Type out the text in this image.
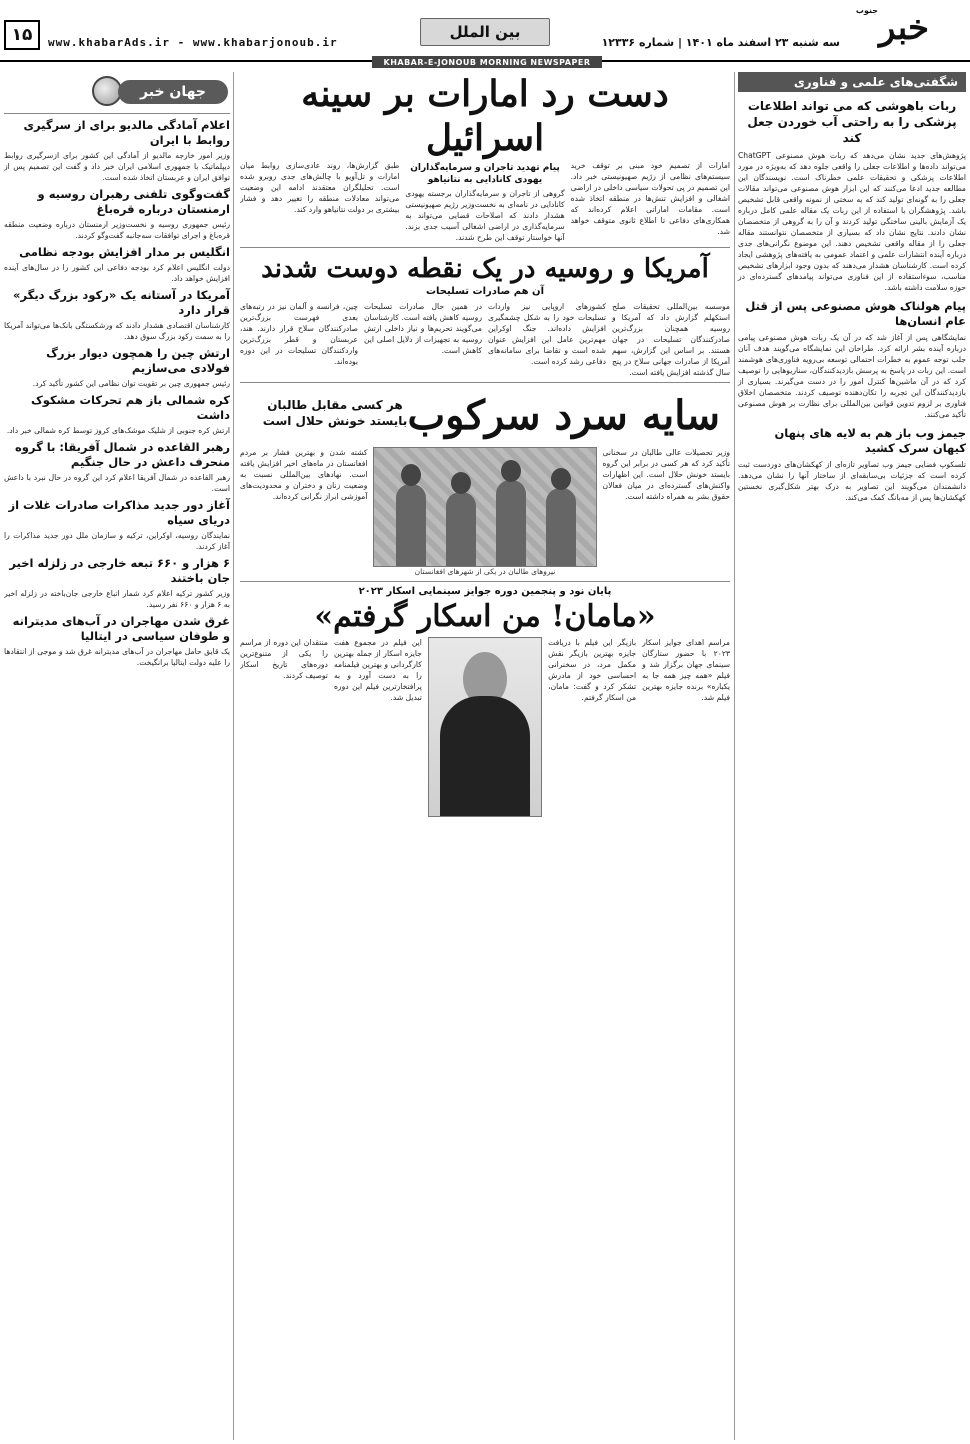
خبر
جنوب
سه شنبه ۲۳ اسفند ماه ۱۴۰۱ | شماره ۱۲۳۳۶
بین الملل
www.khabarAds.ir - www.khabarjonoub.ir
۱۵
KHABAR-E-JONOUB MORNING NEWSPAPER
شگفتی‌های علمی و فناوری
ربات باهوشی که می تواند اطلاعات پزشکی را به راحتی آب خوردن جعل کند

پژوهش‌های جدید نشان می‌دهد که ربات هوش مصنوعی ChatGPT می‌تواند داده‌ها و اطلاعات جعلی را واقعی جلوه دهد که به‌ویژه در مورد اطلاعات پزشکی و تحقیقات علمی خطرناک است. نویسندگان این مطالعه جدید ادعا می‌کنند که این ابزار هوش مصنوعی می‌تواند مقالات جعلی را به گونه‌ای تولید کند که به سختی از نمونه واقعی قابل تشخیص باشد. پژوهشگران با استفاده از این ربات یک مقاله علمی کامل درباره یک آزمایش بالینی ساختگی تولید کردند و آن را به گروهی از متخصصان نشان دادند. نتایج نشان داد که بسیاری از متخصصان نتوانستند مقاله جعلی را از مقاله واقعی تشخیص دهند. این موضوع نگرانی‌های جدی درباره آینده انتشارات علمی و اعتماد عمومی به یافته‌های پژوهشی ایجاد کرده است. کارشناسان هشدار می‌دهند که بدون وجود ابزارهای تشخیص مناسب، سوءاستفاده از این فناوری می‌تواند پیامدهای گسترده‌ای در حوزه سلامت داشته باشد.

پیام هولناک هوش مصنوعی پس از قتل عام انسان‌ها

نمایشگاهی پس از آغاز شد که در آن یک ربات هوش مصنوعی پیامی درباره آینده بشر ارائه کرد. طراحان این نمایشگاه می‌گویند هدف آنان جلب توجه عموم به خطرات احتمالی توسعه بی‌رویه فناوری‌های هوشمند است. این ربات در پاسخ به پرسش بازدیدکنندگان، سناریوهایی را توصیف کرد که در آن ماشین‌ها کنترل امور را در دست می‌گیرند. بسیاری از بازدیدکنندگان این تجربه را تکان‌دهنده توصیف کردند. متخصصان اخلاق فناوری بر لزوم تدوین قوانین بین‌المللی برای نظارت بر هوش مصنوعی تأکید می‌کنند.

جیمز وب باز هم به لایه های پنهان کیهان سرک کشید

تلسکوپ فضایی جیمز وب تصاویر تازه‌ای از کهکشان‌های دوردست ثبت کرده است که جزئیات بی‌سابقه‌ای از ساختار آنها را نشان می‌دهد. دانشمندان می‌گویند این تصاویر به درک بهتر شکل‌گیری نخستین کهکشان‌ها پس از مه‌بانگ کمک می‌کند.

دست رد امارات بر سینه اسرائیل

امارات از تصمیم خود مبنی بر توقف خرید سیستم‌های نظامی از رژیم صهیونیستی خبر داد. این تصمیم در پی تحولات سیاسی داخلی در اراضی اشغالی و افزایش تنش‌ها در منطقه اتخاذ شده است. مقامات اماراتی اعلام کرده‌اند که همکاری‌های دفاعی تا اطلاع ثانوی متوقف خواهد شد.

پیام تهدید تاجران و سرمایه‌گذاران یهودی کانادایی به نتانیاهو

گروهی از تاجران و سرمایه‌گذاران برجسته یهودی کانادایی در نامه‌ای به نخست‌وزیر رژیم صهیونیستی هشدار دادند که اصلاحات قضایی می‌تواند به سرمایه‌گذاری در اراضی اشغالی آسیب جدی بزند. آنها خواستار توقف این طرح شدند.

طبق گزارش‌ها، روند عادی‌سازی روابط میان امارات و تل‌آویو با چالش‌های جدی روبرو شده است. تحلیلگران معتقدند ادامه این وضعیت می‌تواند معادلات منطقه را تغییر دهد و فشار بیشتری بر دولت نتانیاهو وارد کند.

آمریکا و روسیه در یک نقطه دوست شدند
آن هم صادرات تسلیحات

موسسه بین‌المللی تحقیقات صلح استکهلم گزارش داد که آمریکا و روسیه همچنان بزرگ‌ترین صادرکنندگان تسلیحات در جهان هستند. بر اساس این گزارش، سهم آمریکا از صادرات جهانی سلاح در پنج سال گذشته افزایش یافته است.

کشورهای اروپایی نیز واردات تسلیحات خود را به شکل چشمگیری افزایش داده‌اند. جنگ اوکراین مهم‌ترین عامل این افزایش عنوان شده است و تقاضا برای سامانه‌های دفاعی رشد کرده است.

در همین حال صادرات تسلیحات روسیه کاهش یافته است. کارشناسان می‌گویند تحریم‌ها و نیاز داخلی ارتش روسیه به تجهیزات از دلایل اصلی این کاهش است.

چین، فرانسه و آلمان نیز در رتبه‌های بعدی فهرست بزرگ‌ترین صادرکنندگان سلاح قرار دارند. هند، عربستان و قطر بزرگ‌ترین واردکنندگان تسلیحات در این دوره بوده‌اند.

سایه سرد سرکوب
هر کسی مقابل طالبان بایستد خونش حلال است

وزیر تحصیلات عالی طالبان در سخنانی تأکید کرد که هر کسی در برابر این گروه بایستد خونش حلال است. این اظهارات واکنش‌های گسترده‌ای در میان فعالان حقوق بشر به همراه داشته است.

نیروهای طالبان در یکی از شهرهای افغانستان

کشته شدن و بهترین فشار بر مردم افغانستان در ماه‌های اخیر افزایش یافته است. نهادهای بین‌المللی نسبت به وضعیت زنان و دختران و محدودیت‌های آموزشی ابراز نگرانی کرده‌اند.

پایان نود و پنجمین دوره جوایز سینمایی اسکار ۲۰۲۳
«مامان! من اسکار گرفتم»

مراسم اهدای جوایز اسکار ۲۰۲۳ با حضور ستارگان سینمای جهان برگزار شد و فیلم «همه چیز همه جا به یکباره» برنده جایزه بهترین فیلم شد.

بازیگر این فیلم با دریافت جایزه بهترین بازیگر نقش مکمل مرد، در سخنرانی احساسی خود از مادرش تشکر کرد و گفت: مامان، من اسکار گرفتم.

این فیلم در مجموع هفت جایزه اسکار از جمله بهترین کارگردانی و بهترین فیلمنامه را به دست آورد و به پرافتخارترین فیلم این دوره تبدیل شد.

منتقدان این دوره از مراسم را یکی از متنوع‌ترین دوره‌های تاریخ اسکار توصیف کردند.

جهان خبر
اعلام آمادگی مالدیو برای از سرگیری روابط با ایران

وزیر امور خارجه مالدیو از آمادگی این کشور برای ازسرگیری روابط دیپلماتیک با جمهوری اسلامی ایران خبر داد و گفت این تصمیم پس از توافق ایران و عربستان اتخاذ شده است.

گفت‌وگوی تلفنی رهبران روسیه و ارمنستان درباره قره‌باغ

رئیس جمهوری روسیه و نخست‌وزیر ارمنستان درباره وضعیت منطقه قره‌باغ و اجرای توافقات سه‌جانبه گفت‌وگو کردند.

انگلیس بر مدار افزایش بودجه نظامی

دولت انگلیس اعلام کرد بودجه دفاعی این کشور را در سال‌های آینده افزایش خواهد داد.

آمریکا در آستانه یک «رکود بزرگ دیگر» قرار دارد

کارشناسان اقتصادی هشدار دادند که ورشکستگی بانک‌ها می‌تواند آمریکا را به سمت رکود بزرگ سوق دهد.

ارتش چین را همچون دیوار بزرگ فولادی می‌سازیم

رئیس جمهوری چین بر تقویت توان نظامی این کشور تأکید کرد.

کره شمالی باز هم تحرکات مشکوک داشت

ارتش کره جنوبی از شلیک موشک‌های کروز توسط کره شمالی خبر داد.

رهبر القاعده در شمال آفریقا: با گروه منحرف داعش در حال جنگیم

رهبر القاعده در شمال آفریقا اعلام کرد این گروه در حال نبرد با داعش است.

آغاز دور جدید مذاکرات صادرات غلات از دریای سیاه

نمایندگان روسیه، اوکراین، ترکیه و سازمان ملل دور جدید مذاکرات را آغاز کردند.

۶ هزار و ۶۶۰ تبعه خارجی در زلزله اخیر جان باختند

وزیر کشور ترکیه اعلام کرد شمار اتباع خارجی جان‌باخته در زلزله اخیر به ۶ هزار و ۶۶۰ نفر رسید.

غرق شدن مهاجران در آب‌های مدیترانه و طوفان سیاسی در ایتالیا

یک قایق حامل مهاجران در آب‌های مدیترانه غرق شد و موجی از انتقادها را علیه دولت ایتالیا برانگیخت.
